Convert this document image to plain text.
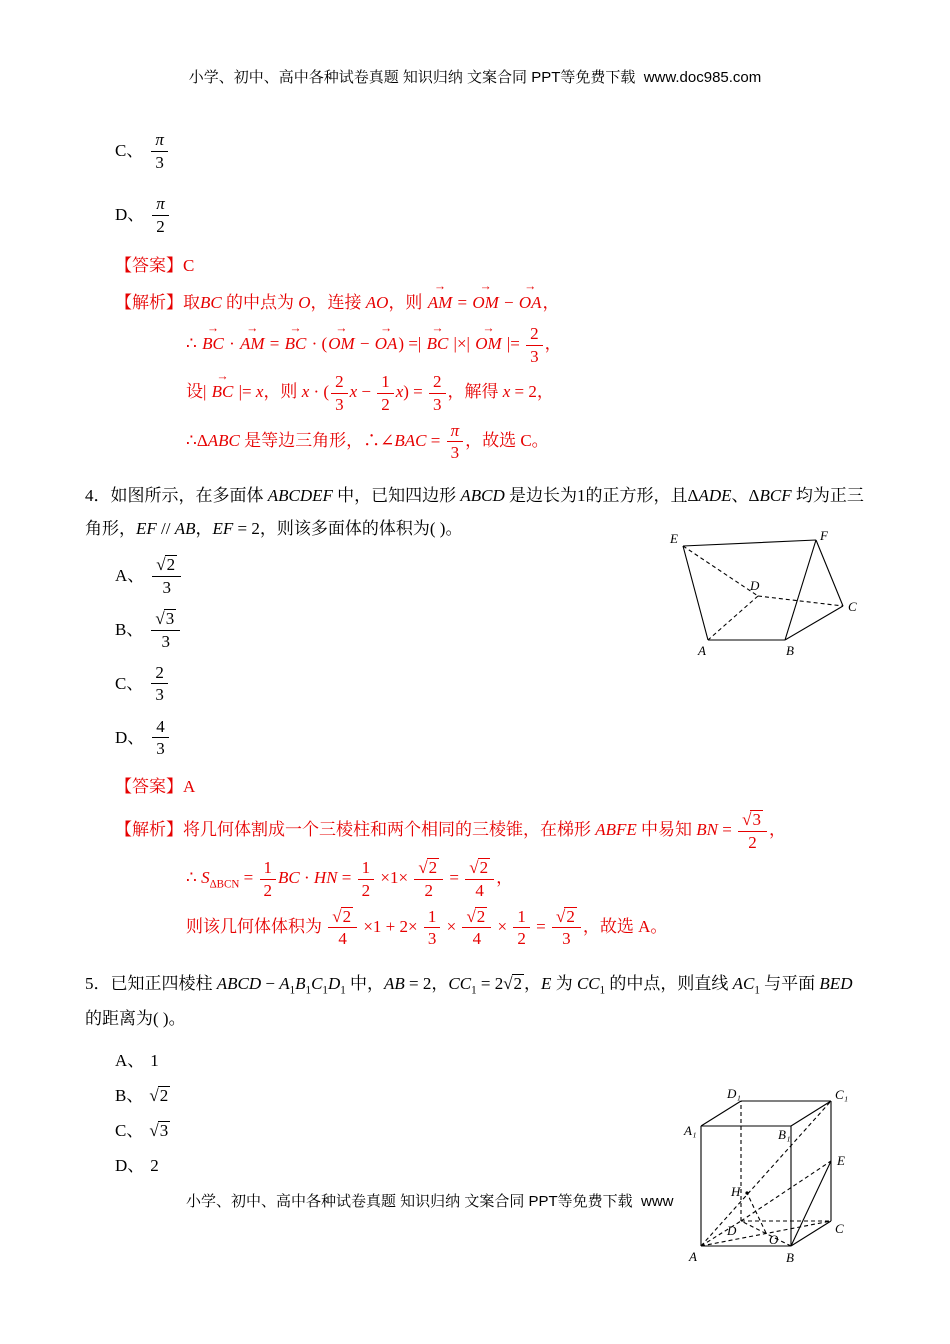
小学、初中、高中各种试卷真题 知识归纳 文案合同 PPT等免费下载  www.doc985.com
C、 $\frac{\pi}{3}$
D、 $\frac{\pi}{2}$
【答案】C
【解析】取BC 的中点为 O，连接 AO，则
→
AM =
→
OM −
→
OA，
∴
→
BC ·
→
AM =
→
BC · (
→
OM −
→
OA) =|
→
BC |×|
→
OM |= $\frac{2}{3}$ ，
设|
→
BC |= x，则 x · ( $\frac{2}{3}$ $x - \frac{1}{2} x) = \frac{2}{3}$ ，解得 x = 2，
∴ΔABC 是等边三角形，∴∠BAC = $\frac{\pi}{3}$ ，故选 C。
4．如图所示，在多面体 ABCDEF 中，已知四边形 ABCD 是边长为1的正方形，且ΔADE、ΔBCF 均为正三角形，EF // AB，EF = 2，则该多面体的体积为( )。
A、 $\frac{√2}{3}$
B、 $\frac{√3}{3}$
C、 $\frac{2}{3}$
D、 $\frac{4}{3}$
【答案】A
【解析】将几何体割成一个三棱柱和两个相同的三棱锥，在梯形 ABFE 中易知 BN = $\frac{√3}{2}$ ，
∴ $S_{\Delta BCN} = \frac{1}{2}$ BC · HN = $\frac{1}{2} \times 1\times \frac{√2}{2} = \frac{√2}{4}$ ，
则该几何体体积为 $\frac{√2}{4} \times 1 + 2\times \frac{1}{3} \times \frac{√2}{4} \times \frac{1}{2} = \frac{√2}{3}$ ，故选 A。
5．已知正四棱柱 ABCD − $A_1B_1C_1D_1$ 中，AB = 2，$CC_1 = 2√2$ ，E 为 $CC_1$ 的中点，则直线 $AC_1$ 与平面 BED 的距离为( )。
A、 1
B、 √2
C、 √3
D、 2
E	F
D
C
A	B
A₁	B₁
C₁
D₁
E
H
A	B
C
D
O
小学、初中、高中各种试卷真题 知识归纳 文案合同 PPT等免费下载  www
